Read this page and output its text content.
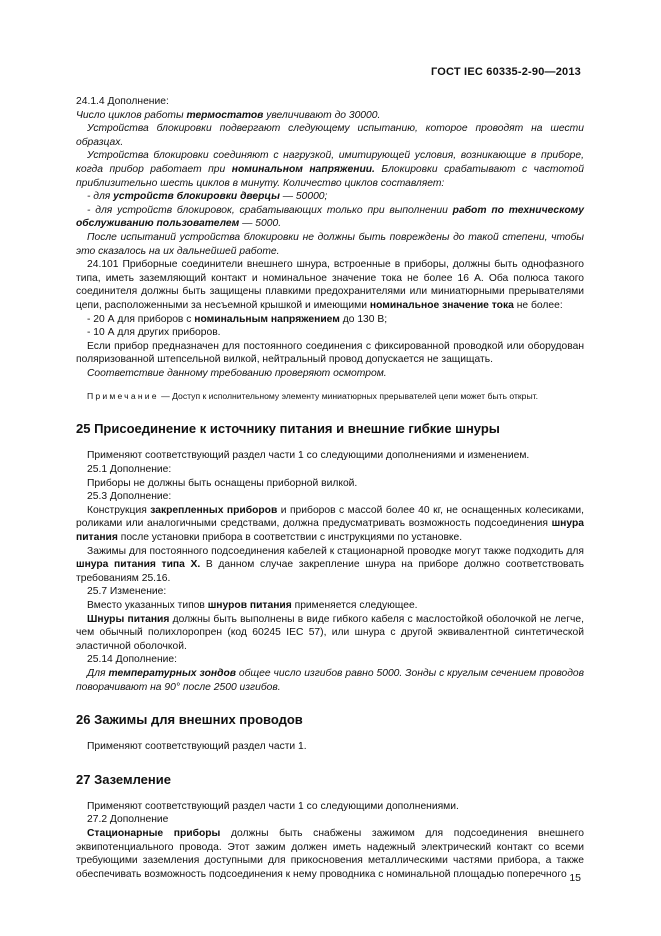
ГОСТ IEC 60335-2-90—2013

24.1.4 Дополнение:

Число циклов работы термостатов увеличивают до 30000.

Устройства блокировки подвергают следующему испытанию, которое проводят на шести образцах.

Устройства блокировки соединяют с нагрузкой, имитирующей условия, возникающие в приборе, когда прибор работает при номинальном напряжении. Блокировки срабатывают с частотой приблизительно шесть циклов в минуту. Количество циклов составляет:

- для устройств блокировки дверцы — 50000;

- для устройств блокировок, срабатывающих только при выполнении работ по техническому обслуживанию пользователем — 5000.

После испытаний устройства блокировки не должны быть повреждены до такой степени, чтобы это сказалось на их дальнейшей работе.

24.101 Приборные соединители внешнего шнура, встроенные в приборы, должны быть однофазного типа, иметь заземляющий контакт и номинальное значение тока не более 16 А. Оба полюса такого соединителя должны быть защищены плавкими предохранителями или миниатюрными прерывателями цепи, расположенными за несъемной крышкой и имеющими номинальное значение тока не более:

- 20 А для приборов с номинальным напряжением до 130 В;

- 10 А для других приборов.

Если прибор предназначен для постоянного соединения с фиксированной проводкой или оборудован поляризованной штепсельной вилкой, нейтральный провод допускается не защищать.

Соответствие данному требованию проверяют осмотром.

Примечание — Доступ к исполнительному элементу миниатюрных прерывателей цепи может быть открыт.

25 Присоединение к источнику питания и внешние гибкие шнуры

Применяют соответствующий раздел части 1 со следующими дополнениями и изменением.

25.1 Дополнение:

Приборы не должны быть оснащены приборной вилкой.

25.3 Дополнение:

Конструкция закрепленных приборов и приборов с массой более 40 кг, не оснащенных колесиками, роликами или аналогичными средствами, должна предусматривать возможность подсоединения шнура питания после установки прибора в соответствии с инструкциями по установке.

Зажимы для постоянного подсоединения кабелей к стационарной проводке могут также подходить для шнура питания типа X. В данном случае закрепление шнура на приборе должно соответствовать требованиям 25.16.

25.7 Изменение:

Вместо указанных типов шнуров питания применяется следующее.

Шнуры питания должны быть выполнены в виде гибкого кабеля с маслостойкой оболочкой не легче, чем обычный полихлоропрен (код 60245 IEC 57), или шнура с другой эквивалентной синтетической эластичной оболочкой.

25.14 Дополнение:

Для температурных зондов общее число изгибов равно 5000. Зонды с круглым сечением проводов поворачивают на 90° после 2500 изгибов.

26 Зажимы для внешних проводов

Применяют соответствующий раздел части 1.

27 Заземление

Применяют соответствующий раздел части 1 со следующими дополнениями.

27.2 Дополнение

Стационарные приборы должны быть снабжены зажимом для подсоединения внешнего эквипотенциального провода. Этот зажим должен иметь надежный электрический контакт со всеми требующими заземления доступными для прикосновения металлическими частями прибора, а также обеспечивать возможность подсоединения к нему проводника с номинальной площадью поперечного 15
